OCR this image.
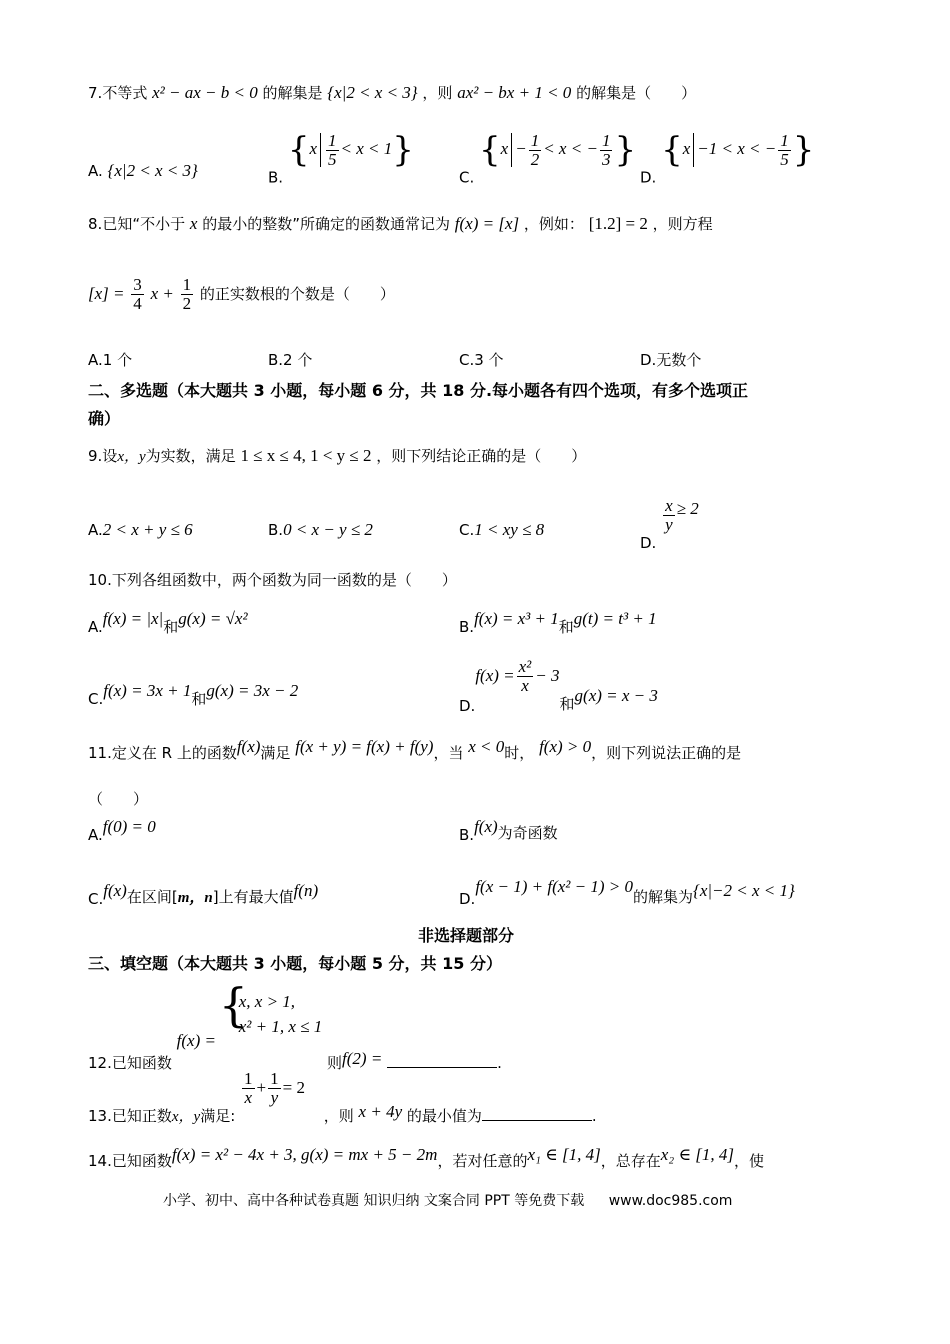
7.不等式 x² − ax − b < 0 的解集是 {x|2 < x < 3} ，则 ax² − bx + 1 < 0 的解集是（　　）
A. {x|2 < x < 3}	B. $\{x \frac{1}{5} < x < 1\}$
C. {$x - \frac{1}{2} < x$ < − $\frac{1}{3}$ }
D. {x −1 < x < − $\frac{1}{5}$ }
8.已知“不小于 x 的最小的整数”所确定的函数通常记为 f(x) = [x] ，例如： [1.2] = 2 ，则方程
$[x] = \frac{3}{4}$ $x + \frac{1}{2}$ 的正实数根的个数是（　　）
A.1 个	B.2 个	C.3 个	D.无数个
二、多选题（本大题共 3 小题，每小题 6 分，共 18 分.每小题各有四个选项，有多个选项正
确）
9.设x，y为实数，满足 1 ≤ x ≤ 4, 1 < y ≤ 2 ，则下列结论正确的是（　　）
A.2 < x + y ≤ 6	B.0 < x − y ≤ 2	C.1 < xy ≤ 8
D.
$\frac{x}{y} \ge 2$
10.下列各组函数中，两个函数为同一函数的是（　　）
A.f(x) = |x|和g(x) = √x²	B.f(x) = x³ + 1和g(t) = t³ + 1
C.f(x) = 3x + 1和g(x) = 3x − 2
$D.f(x) = \frac{\text{x²}}{x} - 3$和g(x) = x − 3
11.定义在 R 上的函数f(x)满足 f(x + y) = f(x) + f(y)，当 x < 0时， f(x) > 0，则下列说法正确的是
（　　）
A.f(0) = 0	B.f(x)为奇函数
C.f(x)在区间[m，n]上有最大值f(n)	D.f(x − 1) + f(x² − 1) > 0的解集为{x|−2 < x < 1}
非选择题部分
三、填空题（本大题共 3 小题，每小题 5 分，共 15 分）
12.已知函数 f(x) =
{
x, x > 1,
x² + 1, x ≤ 1
则f(2) =	.
13.已知正数x，y满足:
$\frac{1}{x} + \frac{1}{y} = 2$ ，则 x + 4y 的最小值为	.
14.已知函数f(x) = x² − 4x + 3, g(x) = mx + 5 − 2m，若对任意的x₁ ∈ [1, 4]，总存在x₂ ∈ [1, 4]，使
小学、初中、高中各种试卷真题 知识归纳 文案合同 PPT 等免费下载 www.doc985.com
